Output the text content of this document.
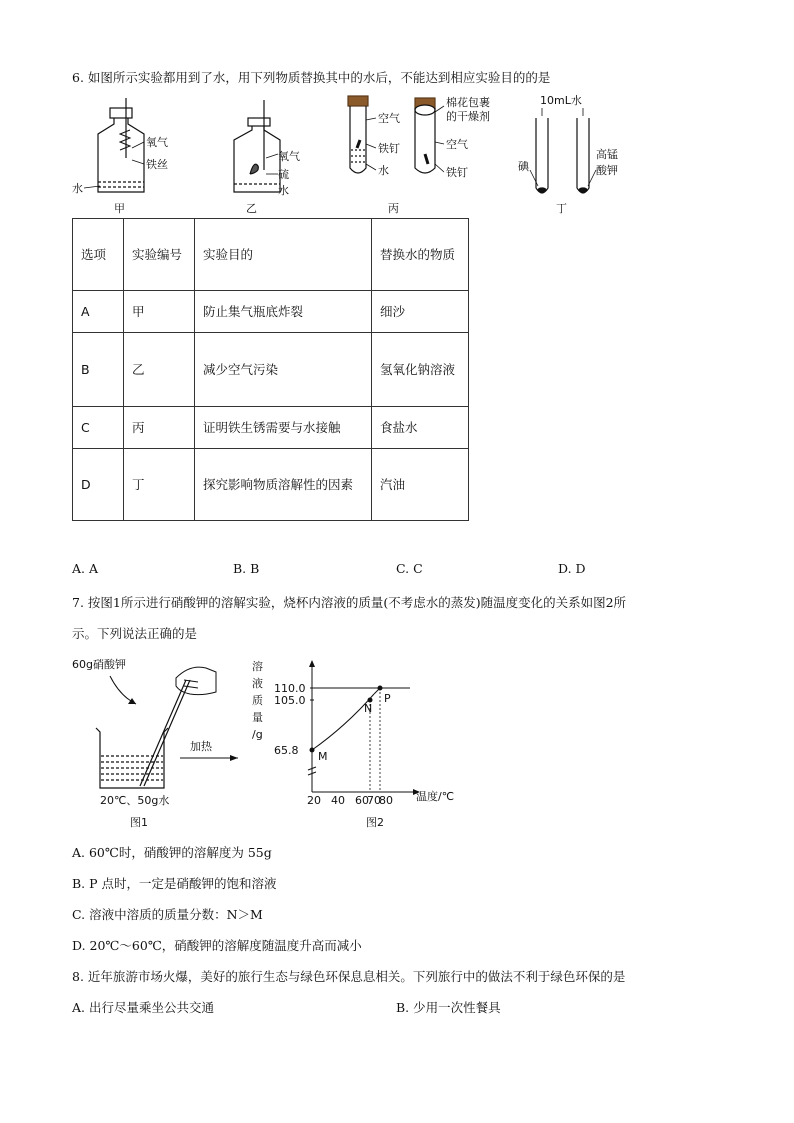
6. 如图所示实验都用到了水，用下列物质替换其中的水后，不能达到相应实验目的的是
氧气
铁丝
水
甲
氧气
硫
水
乙
空气
铁钉
水
棉花包裹
的干燥剂
空气
铁钉
丙
10mL水
碘
高锰
酸钾
丁
选项	实验编号	实验目的	替换水的物质

A	甲	防止集气瓶底炸裂	细沙
B	乙	减少空气污染	氢氧化钠溶液

C	丙	证明铁生锈需要与水接触	食盐水
D	丁	探究影响物质溶解性的因素	汽油
A. A	B. B	C. C	D. D
7. 按图1所示进行硝酸钾的溶解实验，烧杯内溶液的质量(不考虑水的蒸发)随温度变化的关系如图2所
示。下列说法正确的是
60g硝酸钾
加热
20℃、50g水
图1
溶
液
质
量
/g
20 40 60
70
80
110.0
105.0
65.8 M
N
P
温度/℃
图2
A. 60℃时，硝酸钾的溶解度为 55g
B. P 点时，一定是硝酸钾的饱和溶液
C. 溶液中溶质的质量分数：N＞M
D. 20℃～60℃，硝酸钾的溶解度随温度升高而减小
8. 近年旅游市场火爆，美好的旅行生态与绿色环保息息相关。下列旅行中的做法不利于绿色环保的是
A. 出行尽量乘坐公共交通	B. 少用一次性餐具
